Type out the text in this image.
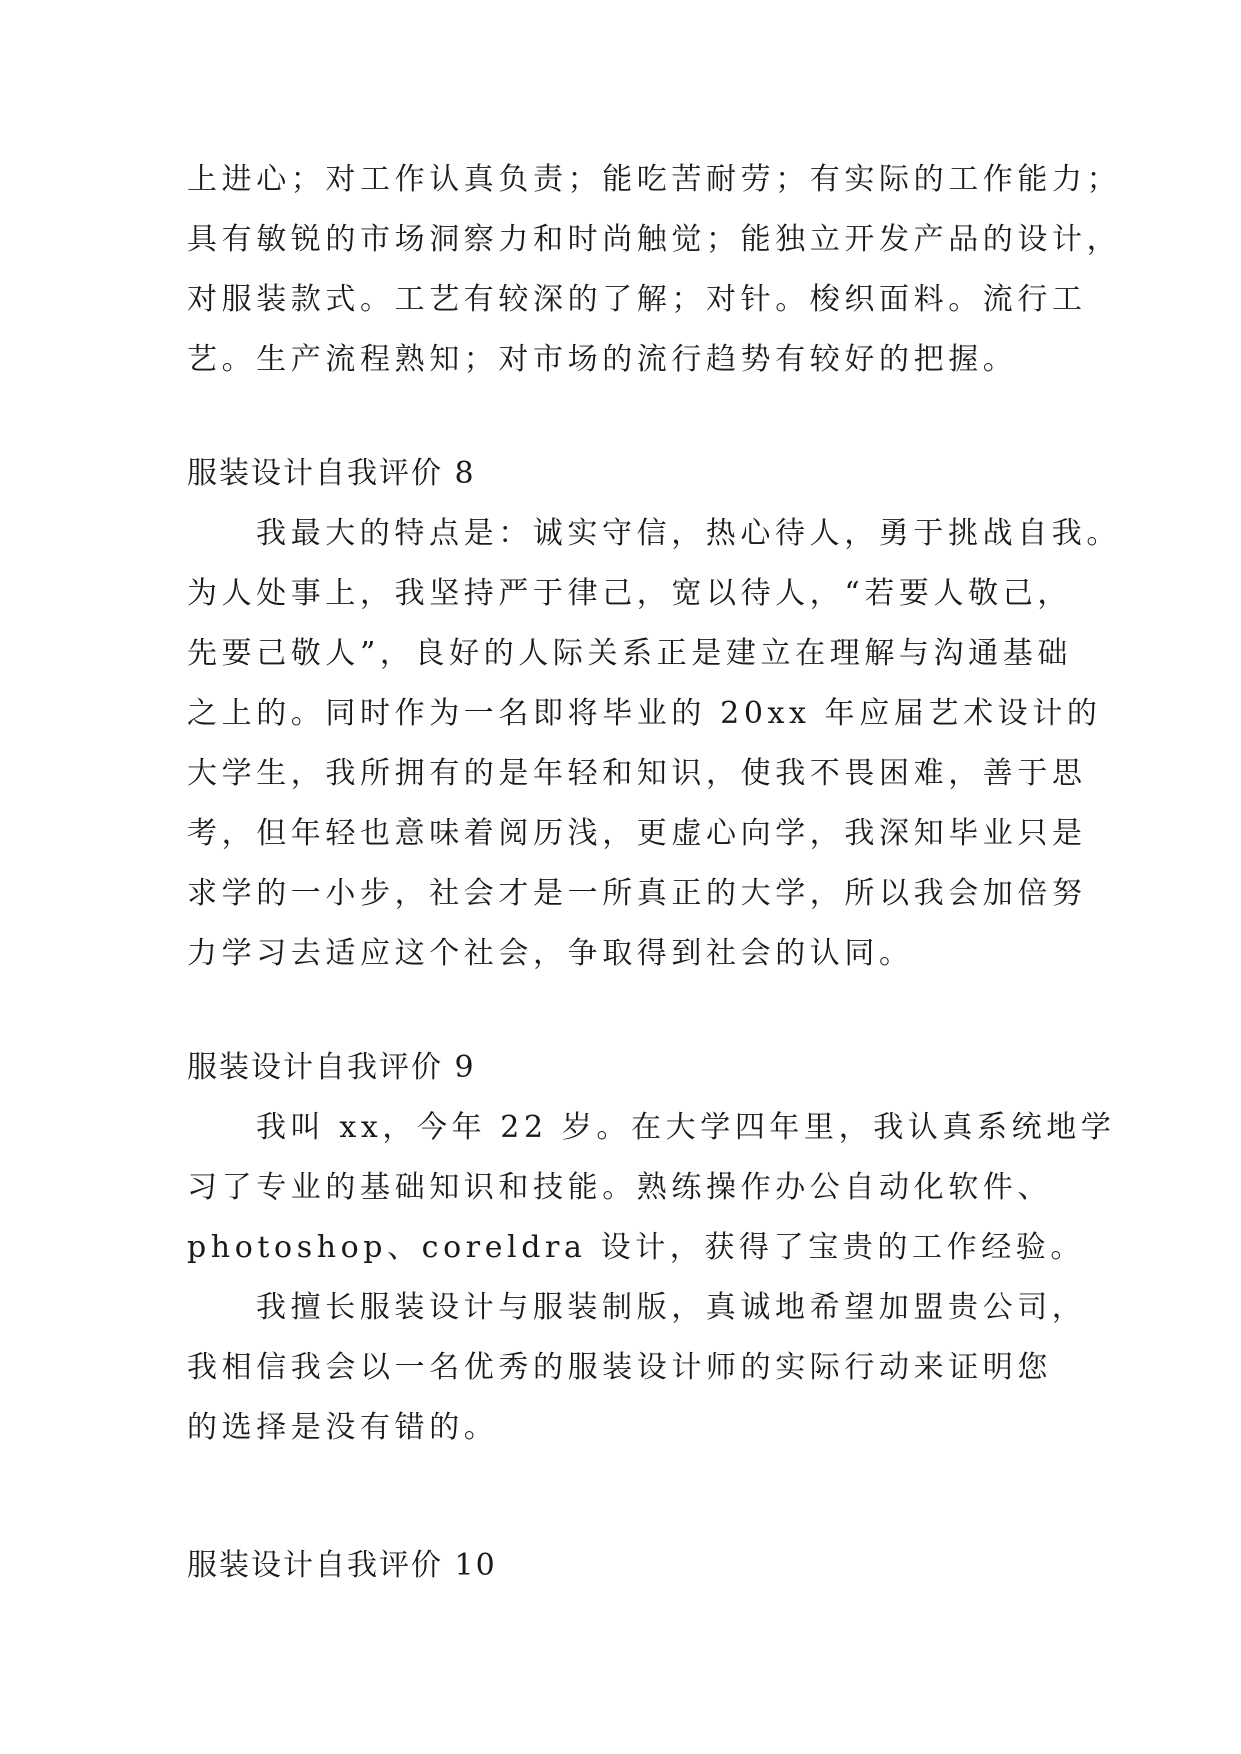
上进心；对工作认真负责；能吃苦耐劳；有实际的工作能力；
具有敏锐的市场洞察力和时尚触觉；能独立开发产品的设计，
对服装款式。工艺有较深的了解；对针。梭织面料。流行工
艺。生产流程熟知；对市场的流行趋势有较好的把握。
服装设计自我评价 8
我最大的特点是：诚实守信，热心待人，勇于挑战自我。
为人处事上，我坚持严于律己，宽以待人，“若要人敬己，
先要己敬人”，良好的人际关系正是建立在理解与沟通基础
之上的。同时作为一名即将毕业的 20xx 年应届艺术设计的
大学生，我所拥有的是年轻和知识，使我不畏困难，善于思
考，但年轻也意味着阅历浅，更虚心向学，我深知毕业只是
求学的一小步，社会才是一所真正的大学，所以我会加倍努
力学习去适应这个社会，争取得到社会的认同。
服装设计自我评价 9
我叫 xx，今年 22 岁。在大学四年里，我认真系统地学
习了专业的基础知识和技能。熟练操作办公自动化软件、
photoshop、coreldra 设计，获得了宝贵的工作经验。
我擅长服装设计与服装制版，真诚地希望加盟贵公司，
我相信我会以一名优秀的服装设计师的实际行动来证明您
的选择是没有错的。
服装设计自我评价 10
